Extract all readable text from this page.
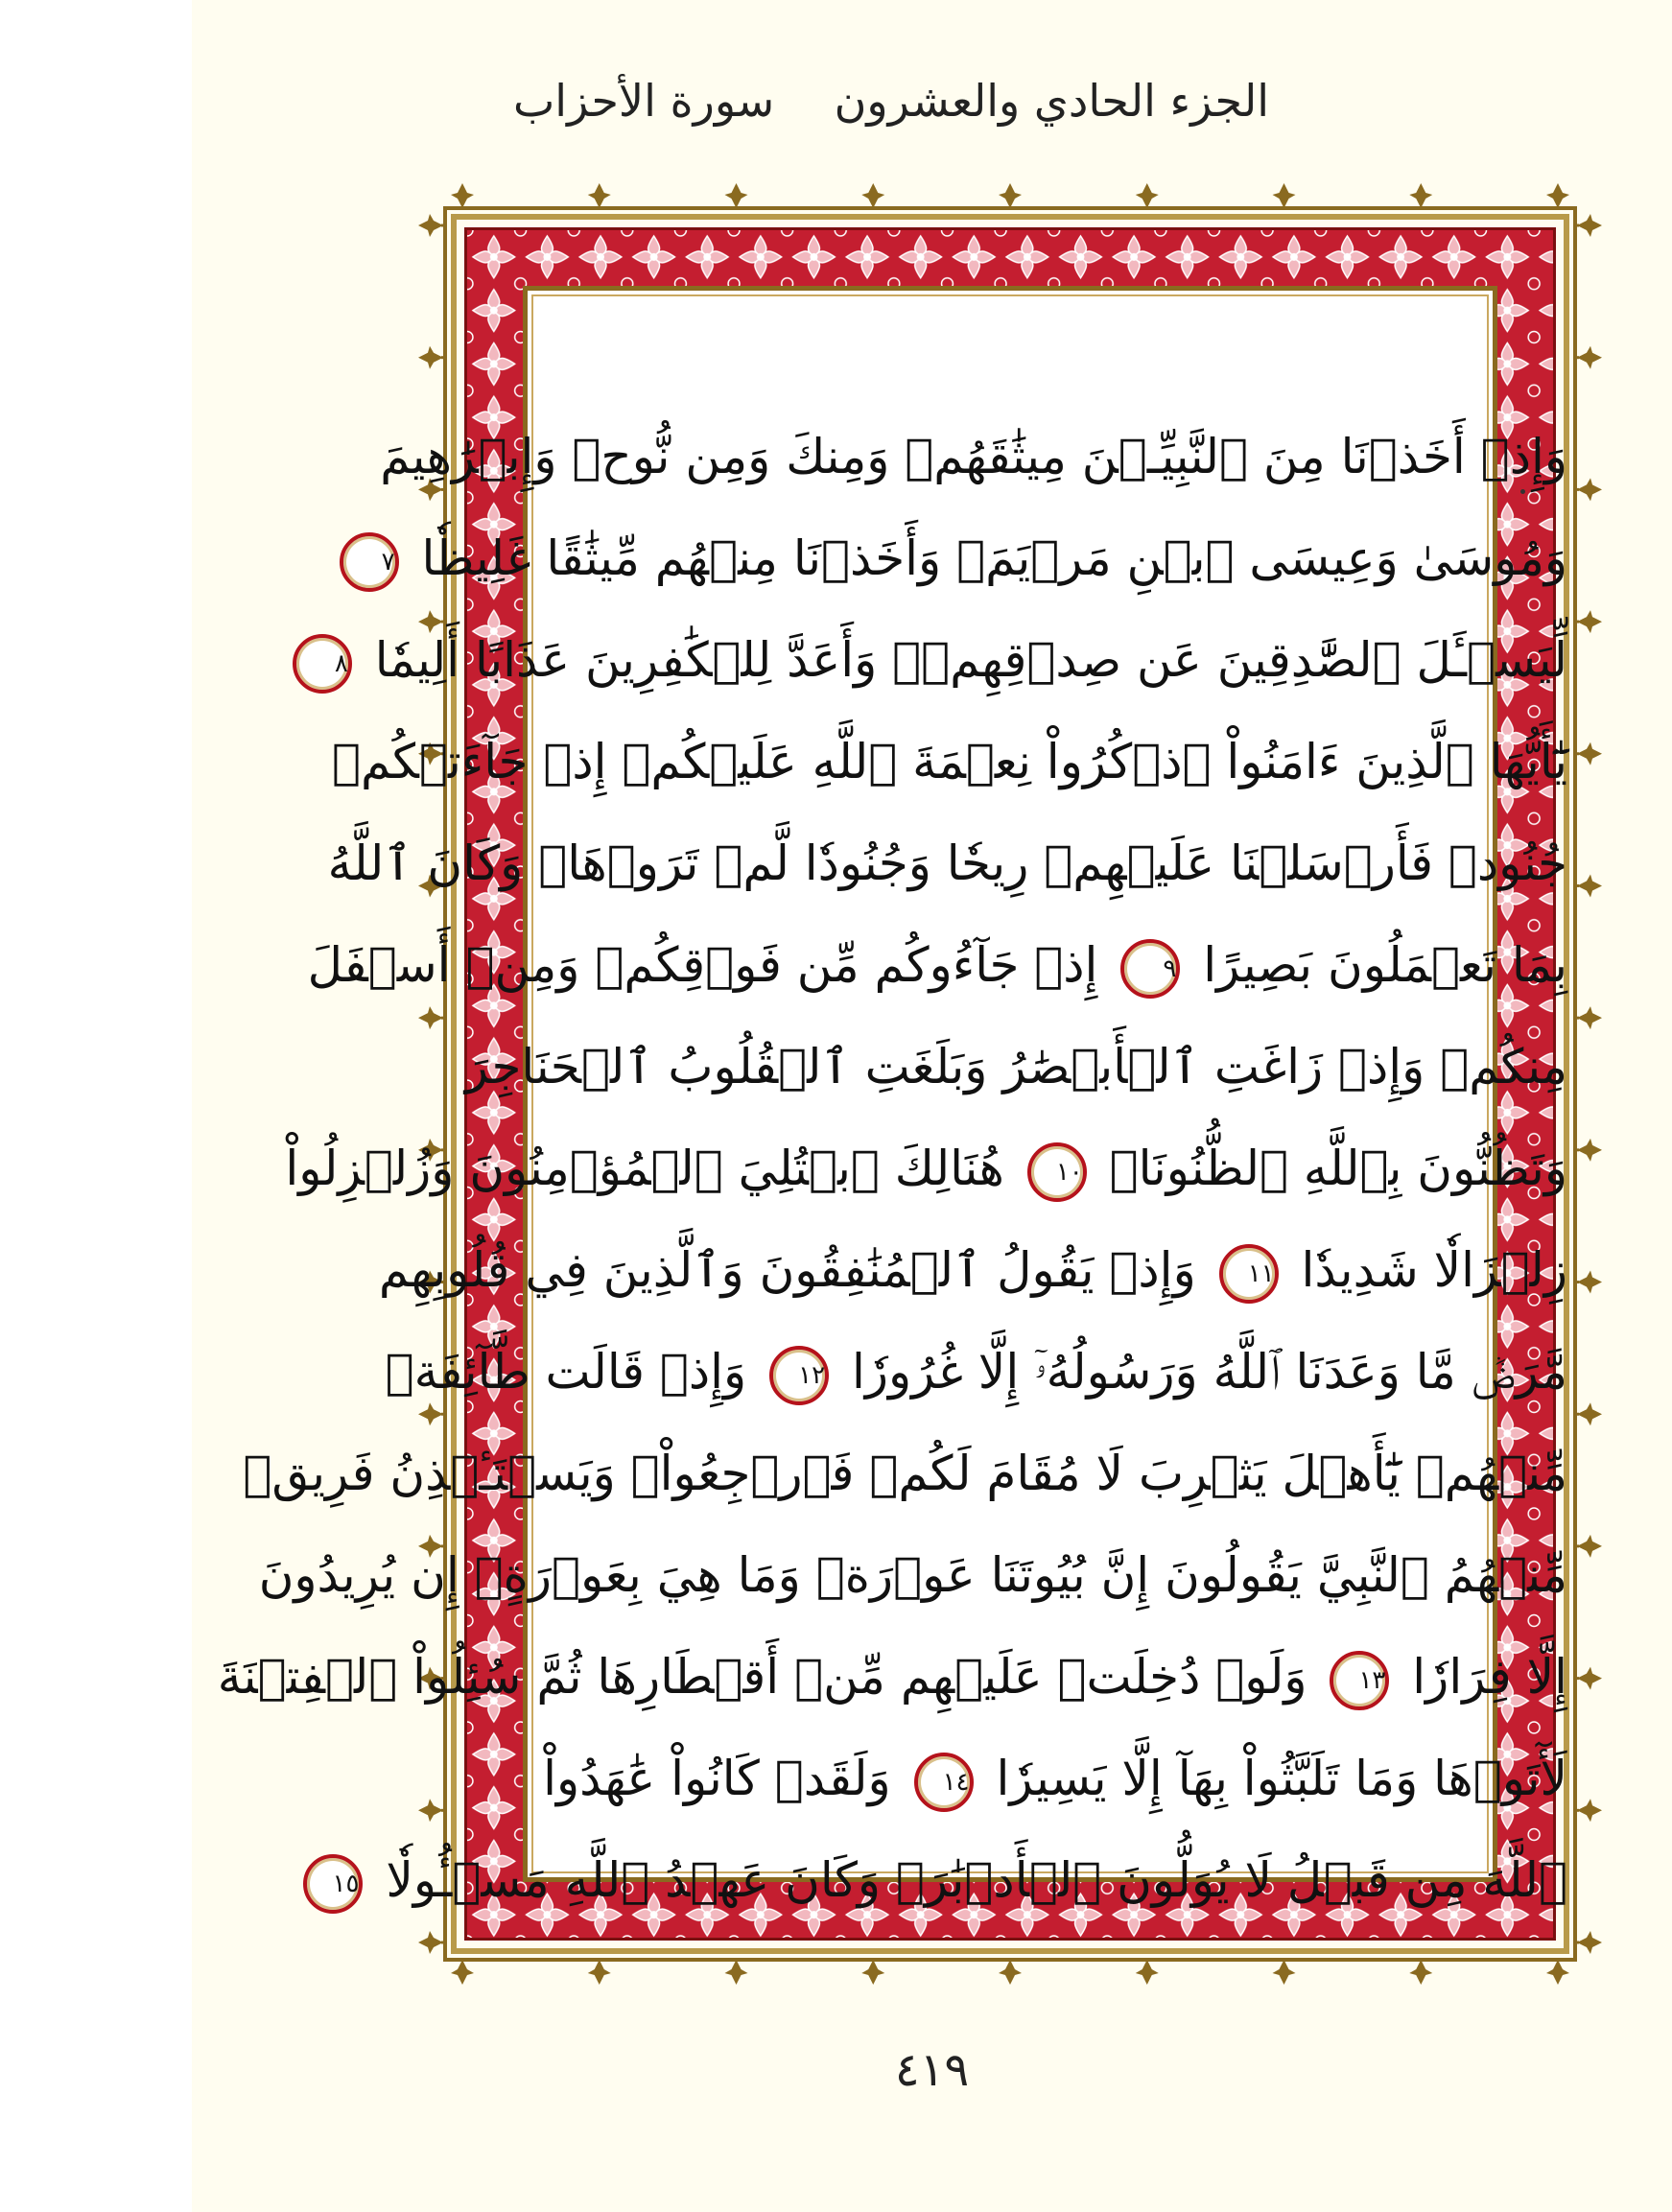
الجزء الحادي والعشرون
سورة الأحزاب
وَإِذۡ أَخَذۡنَا مِنَ ٱلنَّبِيِّـۧنَ مِيثَٰقَهُمۡ وَمِنكَ وَمِن نُّوحٖ وَإِبۡرَٰهِيمَ
وَمُوسَىٰ وَعِيسَى ٱبۡنِ مَرۡيَمَۖ وَأَخَذۡنَا مِنۡهُم مِّيثَٰقًا غَلِيظٗا ٧
لِّيَسۡـَٔلَ ٱلصَّٰدِقِينَ عَن صِدۡقِهِمۡۚ وَأَعَدَّ لِلۡكَٰفِرِينَ عَذَابًا أَلِيمٗا ٨
يَٰٓأَيُّهَا ٱلَّذِينَ ءَامَنُواْ ٱذۡكُرُواْ نِعۡمَةَ ٱللَّهِ عَلَيۡكُمۡ إِذۡ جَآءَتۡكُمۡ
جُنُودٞ فَأَرۡسَلۡنَا عَلَيۡهِمۡ رِيحٗا وَجُنُودٗا لَّمۡ تَرَوۡهَاۚ وَكَانَ ٱللَّهُ
بِمَا تَعۡمَلُونَ بَصِيرًا ٩ إِذۡ جَآءُوكُم مِّن فَوۡقِكُمۡ وَمِنۡ أَسۡفَلَ
مِنكُمۡ وَإِذۡ زَاغَتِ ٱلۡأَبۡصَٰرُ وَبَلَغَتِ ٱلۡقُلُوبُ ٱلۡحَنَاجِرَ
وَتَظُنُّونَ بِٱللَّهِ ٱلظُّنُونَا۠ ١٠ هُنَالِكَ ٱبۡتُلِيَ ٱلۡمُؤۡمِنُونَ وَزُلۡزِلُواْ
زِلۡزَالٗا شَدِيدٗا ١١ وَإِذۡ يَقُولُ ٱلۡمُنَٰفِقُونَ وَٱلَّذِينَ فِي قُلُوبِهِم
مَّرَضٞ مَّا وَعَدَنَا ٱللَّهُ وَرَسُولُهُۥٓ إِلَّا غُرُورٗا ١٢ وَإِذۡ قَالَت طَّآئِفَةٞ
مِّنۡهُمۡ يَٰٓأَهۡلَ يَثۡرِبَ لَا مُقَامَ لَكُمۡ فَٱرۡجِعُواْۚ وَيَسۡتَـٔۡذِنُ فَرِيقٞ
مِّنۡهُمُ ٱلنَّبِيَّ يَقُولُونَ إِنَّ بُيُوتَنَا عَوۡرَةٞ وَمَا هِيَ بِعَوۡرَةٍۖ إِن يُرِيدُونَ
إِلَّا فِرَارٗا ١٣ وَلَوۡ دُخِلَتۡ عَلَيۡهِم مِّنۡ أَقۡطَارِهَا ثُمَّ سُئِلُواْ ٱلۡفِتۡنَةَ
لَأٓتَوۡهَا وَمَا تَلَبَّثُواْ بِهَآ إِلَّا يَسِيرٗا ١٤ وَلَقَدۡ كَانُواْ عَٰهَدُواْ
ٱللَّهَ مِن قَبۡلُ لَا يُوَلُّونَ ٱلۡأَدۡبَٰرَۚ وَكَانَ عَهۡدُ ٱللَّهِ مَسۡـُٔولٗا ١٥
٤١٩
